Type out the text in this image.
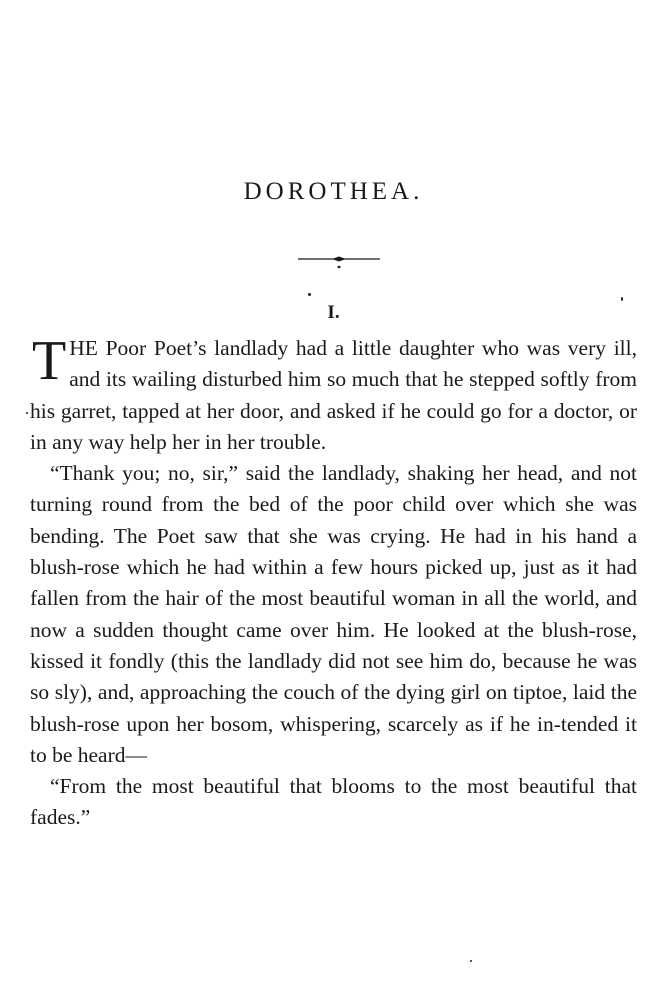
DOROTHEA.
I.

THE Poor Poet’s landlady had a little daughter who was very ill, and its wailing disturbed him so much that he stepped softly from his garret, tapped at her door, and asked if he could go for a doctor, or in any way help her in her trouble.

“Thank you; no, sir,” said the landlady, shaking her head, and not turning round from the bed of the poor child over which she was bending. The Poet saw that she was crying. He had in his hand a blush-rose which he had within a few hours picked up, just as it had fallen from the hair of the most beautiful woman in all the world, and now a sudden thought came over him. He looked at the blush-rose, kissed it fondly (this the landlady did not see him do, because he was so sly), and, approaching the couch of the dying girl on tiptoe, laid the blush-rose upon her bosom, whispering, scarcely as if he in-tended it to be heard—

“From the most beautiful that blooms to the most beautiful that fades.”
